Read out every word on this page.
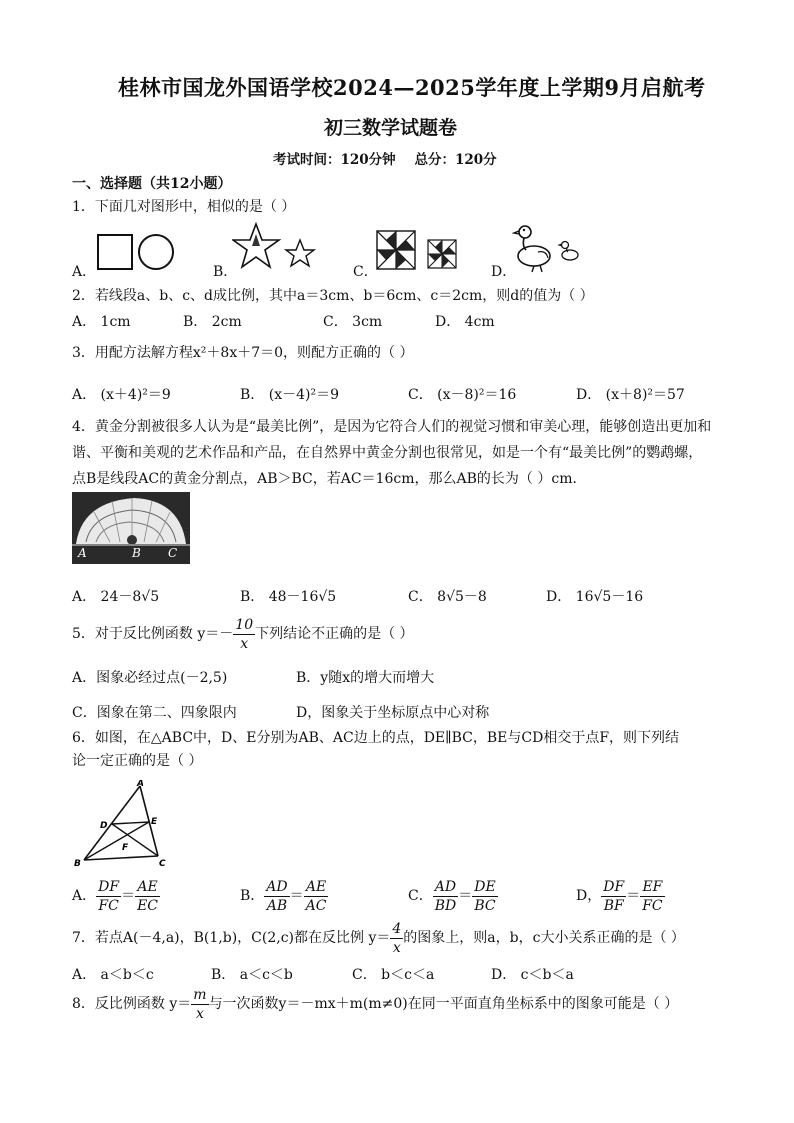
桂林市国龙外国语学校2024—2025学年度上学期9月启航考
初三数学试题卷
考试时间：120分钟    总分：120分
一、选择题（共12小题）
1．下面几对图形中，相似的是（ ）
A．	B．	C．	D．
2．若线段a、b、c、d成比例，其中a＝3cm、b＝6cm、c＝2cm，则d的值为（ ）
A． 1cm	B． 2cm	C． 3cm	D． 4cm
3．用配方法解方程x²＋8x＋7＝0，则配方正确的（ ）
A． (x＋4)²＝9	B． (x－4)²＝9	C． (x－8)²＝16	D． (x＋8)²＝57
4．黄金分割被很多人认为是“最美比例”，是因为它符合人们的视觉习惯和审美心理，能够创造出更加和
谐、平衡和美观的艺术作品和产品，在自然界中黄金分割也很常见，如是一个有“最美比例”的鹦鹉螺，
点B是线段AC的黄金分割点，AB＞BC，若AC＝16cm，那么AB的长为（ ）cm．
A	B C
A． 24－8√5	B． 48－16√5	C． 8√5－8	D． 16√5－16
5．对于反比例函数 $y=- \frac{10}{x}$ 下列结论不正确的是（ ）
A．图象必经过点(－2,5)	B．y随x的增大而增大
C．图象在第二、四象限内	D，图象关于坐标原点中心对称
6．如图，在△ABC中，D、E分别为AB、AC边上的点，DE∥BC，BE与CD相交于点F，则下列结
论一定正确的是（ ）
A
B	C
D	E
F
A． $\frac{DF}{FC} = \frac{AE}{EC}$	B． $\frac{AD}{AB} = \frac{AE}{AC}$	C． $\frac{AD}{BD} = \frac{DE}{BC}$	D， $\frac{DF}{BF} = \frac{EF}{FC}$
7．若点A(－4,a)，B(1,b)，C(2,c)都在反比例 $y= \frac{4}{x}$ 的图象上，则a，b，c大小关系正确的是（ ）
A． a＜b＜c	B． a＜c＜b	C． b＜c＜a	D． c＜b＜a
8．反比例函数 $y= \frac{m}{x}$ 与一次函数y＝－mx＋m(m≠0)在同一平面直角坐标系中的图象可能是（ ）
